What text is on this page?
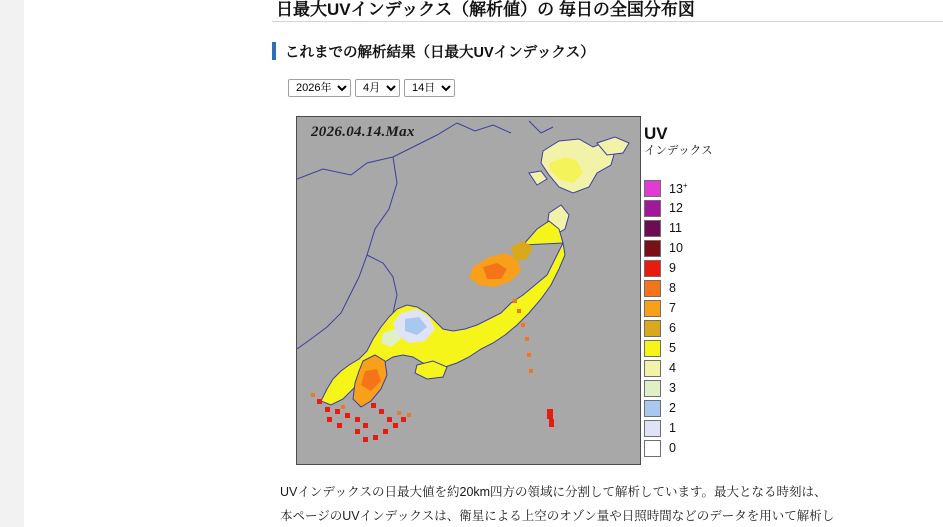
日最大UVインデックス（解析値）の 毎日の全国分布図
これまでの解析結果（日最大UVインデックス）
2026年
4月
14日
2026.04.14.Max	UV
インデックス
13+
12
11
10
9
8
7
6
5
4
3
2
1
0

UVインデックスの日最大値を約20km四方の領域に分割して解析しています。最大となる時刻は、

本ページのUVインデックスは、衛星による上空のオゾン量や日照時間などのデータを用いて解析し
